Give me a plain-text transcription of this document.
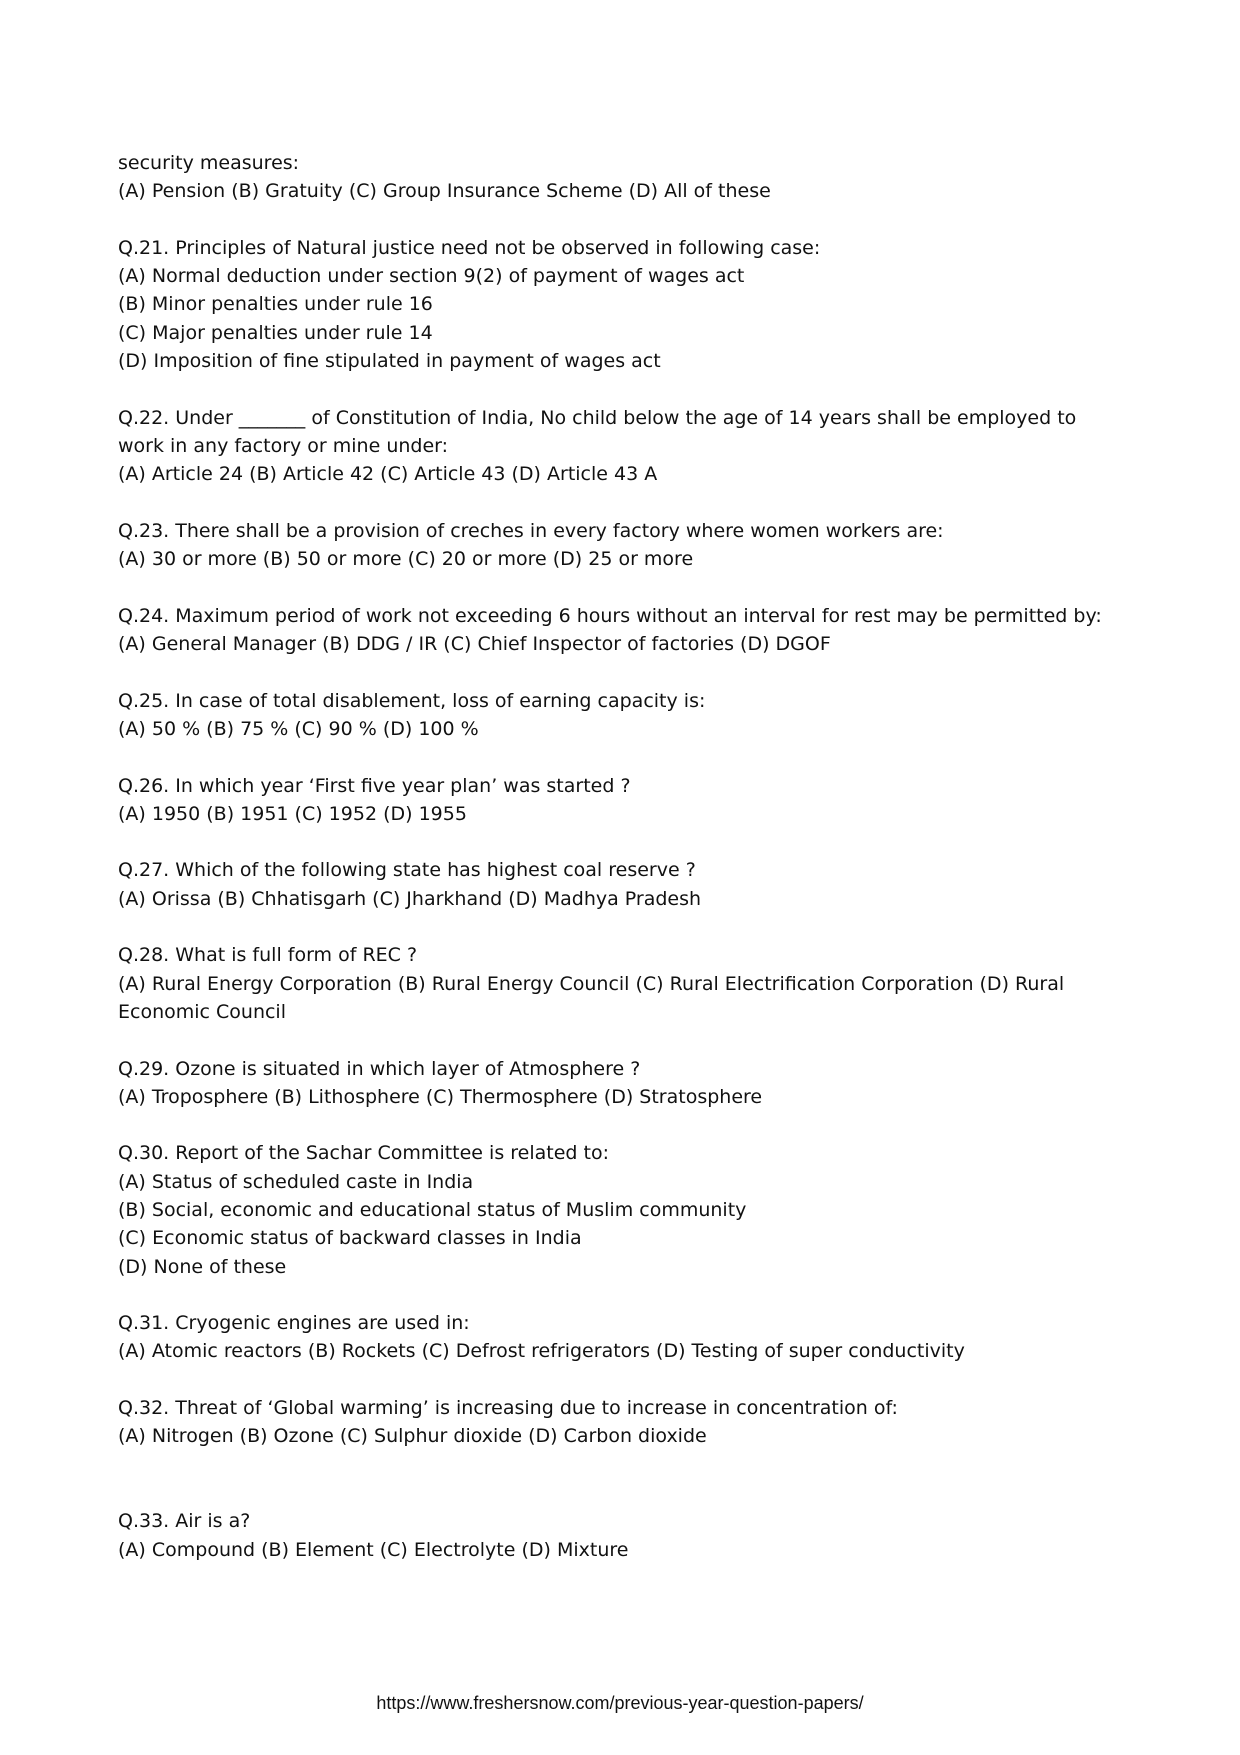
security measures:
(A) Pension (B) Gratuity (C) Group Insurance Scheme (D) All of these
Q.21. Principles of Natural justice need not be observed in following case:
(A) Normal deduction under section 9(2) of payment of wages act
(B) Minor penalties under rule 16
(C) Major penalties under rule 14
(D) Imposition of fine stipulated in payment of wages act
Q.22. Under _______ of Constitution of India, No child below the age of 14 years shall be employed to work in any factory or mine under:
(A) Article 24 (B) Article 42 (C) Article 43 (D) Article 43 A
Q.23. There shall be a provision of creches in every factory where women workers are:
(A) 30 or more (B) 50 or more (C) 20 or more (D) 25 or more
Q.24. Maximum period of work not exceeding 6 hours without an interval for rest may be permitted by:
(A) General Manager (B) DDG / IR (C) Chief Inspector of factories (D) DGOF
Q.25. In case of total disablement, loss of earning capacity is:
(A) 50 % (B) 75 % (C) 90 % (D) 100 %
Q.26. In which year ‘First five year plan’ was started ?
(A) 1950 (B) 1951 (C) 1952 (D) 1955
Q.27. Which of the following state has highest coal reserve ?
(A) Orissa (B) Chhatisgarh (C) Jharkhand (D) Madhya Pradesh
Q.28. What is full form of REC ?
(A) Rural Energy Corporation (B) Rural Energy Council (C) Rural Electrification Corporation (D) Rural Economic Council
Q.29. Ozone is situated in which layer of Atmosphere ?
(A) Troposphere (B) Lithosphere (C) Thermosphere (D) Stratosphere
Q.30. Report of the Sachar Committee is related to:
(A) Status of scheduled caste in India
(B) Social, economic and educational status of Muslim community
(C) Economic status of backward classes in India
(D) None of these
Q.31. Cryogenic engines are used in:
(A) Atomic reactors (B) Rockets (C) Defrost refrigerators (D) Testing of super conductivity
Q.32. Threat of ‘Global warming’ is increasing due to increase in concentration of:
(A) Nitrogen (B) Ozone (C) Sulphur dioxide (D) Carbon dioxide
Q.33. Air is a?
(A) Compound (B) Element (C) Electrolyte (D) Mixture
https://www.freshersnow.com/previous-year-question-papers/
